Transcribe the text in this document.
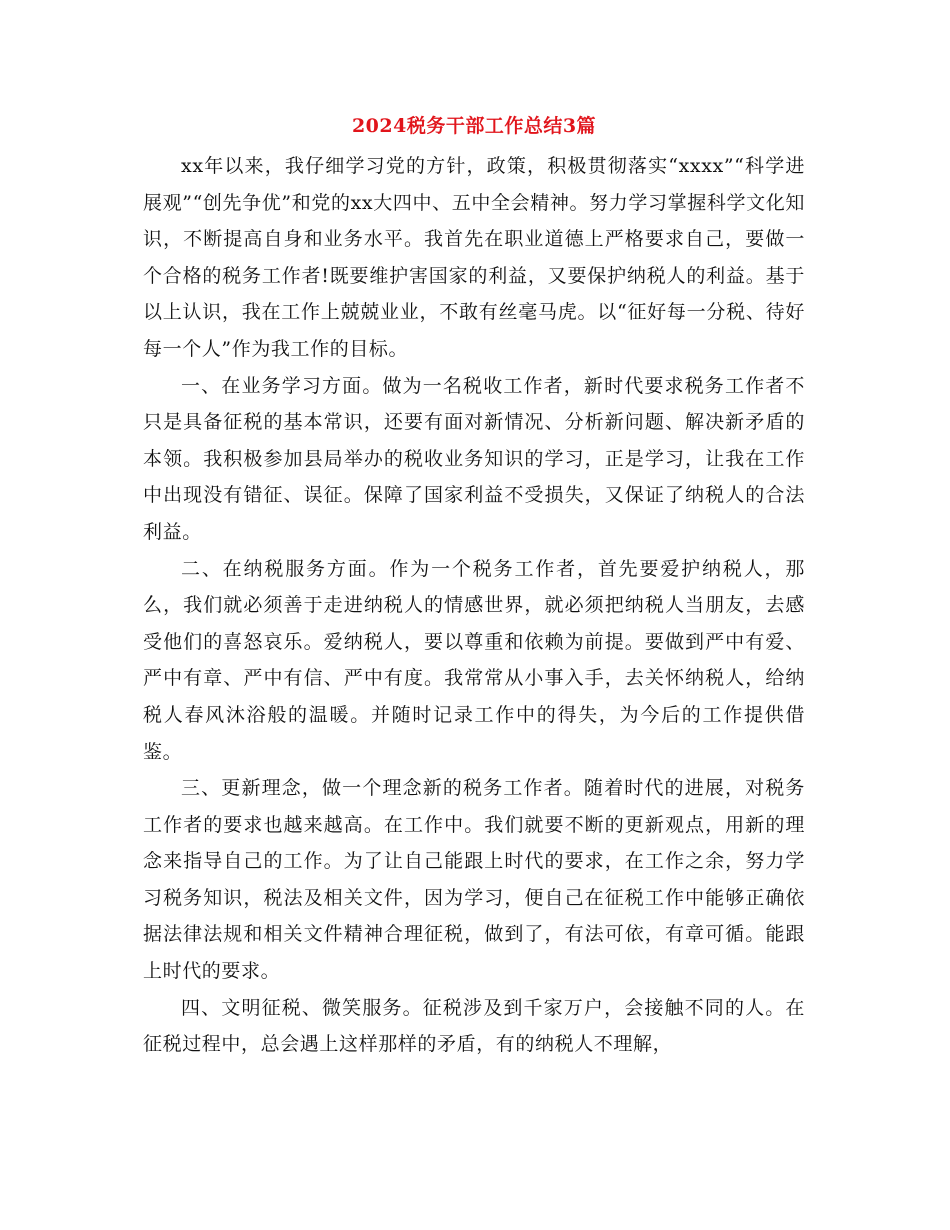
2024税务干部工作总结3篇

xx年以来，我仔细学习党的方针，政策，积极贯彻落实“xxxx”“科学进展观”“创先争优”和党的xx大四中、五中全会精神。努力学习掌握科学文化知识，不断提高自身和业务水平。我首先在职业道德上严格要求自己，要做一个合格的税务工作者!既要维护害国家的利益，又要保护纳税人的利益。基于以上认识，我在工作上兢兢业业，不敢有丝毫马虎。以“征好每一分税、待好每一个人”作为我工作的目标。

一、在业务学习方面。做为一名税收工作者，新时代要求税务工作者不只是具备征税的基本常识，还要有面对新情况、分析新问题、解决新矛盾的本领。我积极参加县局举办的税收业务知识的学习，正是学习，让我在工作中出现没有错征、误征。保障了国家利益不受损失，又保证了纳税人的合法利益。

二、在纳税服务方面。作为一个税务工作者，首先要爱护纳税人，那么，我们就必须善于走进纳税人的情感世界，就必须把纳税人当朋友，去感受他们的喜怒哀乐。爱纳税人，要以尊重和依赖为前提。要做到严中有爱、严中有章、严中有信、严中有度。我常常从小事入手，去关怀纳税人，给纳税人春风沐浴般的温暖。并随时记录工作中的得失，为今后的工作提供借鉴。

三、更新理念，做一个理念新的税务工作者。随着时代的进展，对税务工作者的要求也越来越高。在工作中。我们就要不断的更新观点，用新的理念来指导自己的工作。为了让自己能跟上时代的要求，在工作之余，努力学习税务知识，税法及相关文件，因为学习，便自己在征税工作中能够正确依据法律法规和相关文件精神合理征税，做到了，有法可依，有章可循。能跟上时代的要求。

四、文明征税、微笑服务。征税涉及到千家万户，会接触不同的人。在征税过程中，总会遇上这样那样的矛盾，有的纳税人不理解，
